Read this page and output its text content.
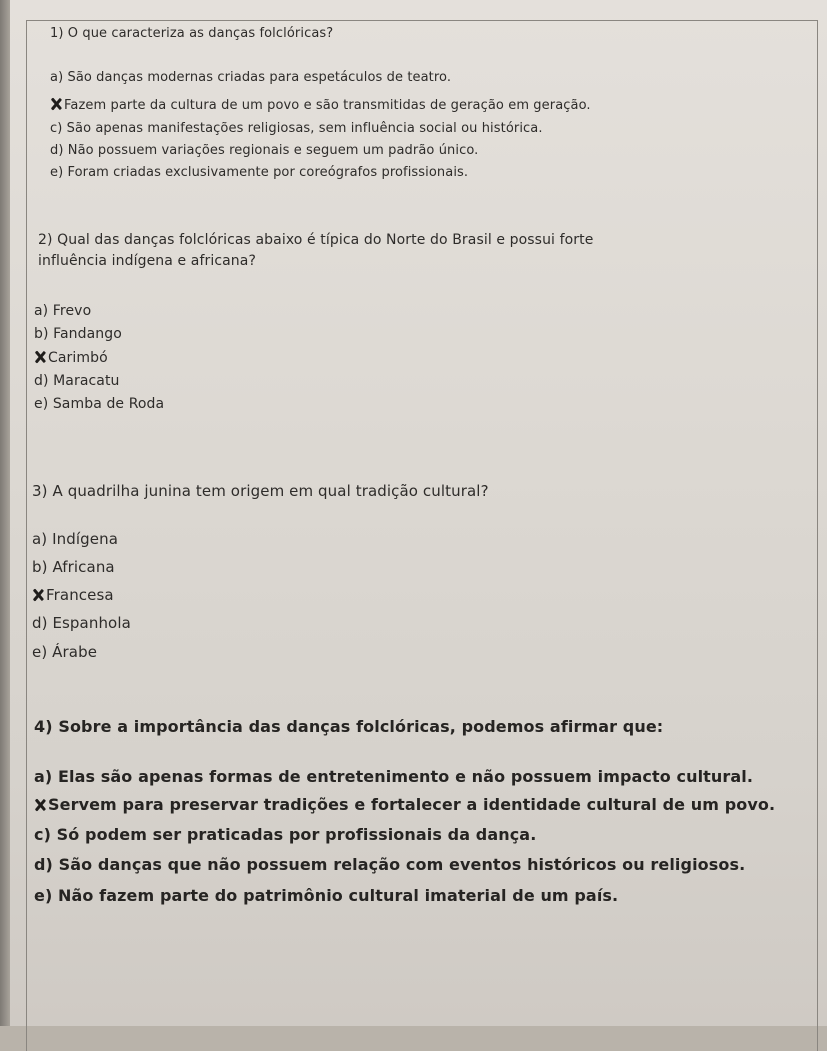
1) O que caracteriza as danças folclóricas?
a) São danças modernas criadas para espetáculos de teatro.
Fazem parte da cultura de um povo e são transmitidas de geração em geração.
c) São apenas manifestações religiosas, sem influência social ou histórica.
d) Não possuem variações regionais e seguem um padrão único.
e) Foram criadas exclusivamente por coreógrafos profissionais.
2) Qual das danças folclóricas abaixo é típica do Norte do Brasil e possui forte
influência indígena e africana?
a) Frevo
b) Fandango
Carimbó
d) Maracatu
e) Samba de Roda
3) A quadrilha junina tem origem em qual tradição cultural?
a) Indígena
b) Africana
Francesa
d) Espanhola
e) Árabe
4) Sobre a importância das danças folclóricas, podemos afirmar que:
a) Elas são apenas formas de entretenimento e não possuem impacto cultural.
Servem para preservar tradições e fortalecer a identidade cultural de um povo.
c) Só podem ser praticadas por profissionais da dança.
d) São danças que não possuem relação com eventos históricos ou religiosos.
e) Não fazem parte do patrimônio cultural imaterial de um país.
